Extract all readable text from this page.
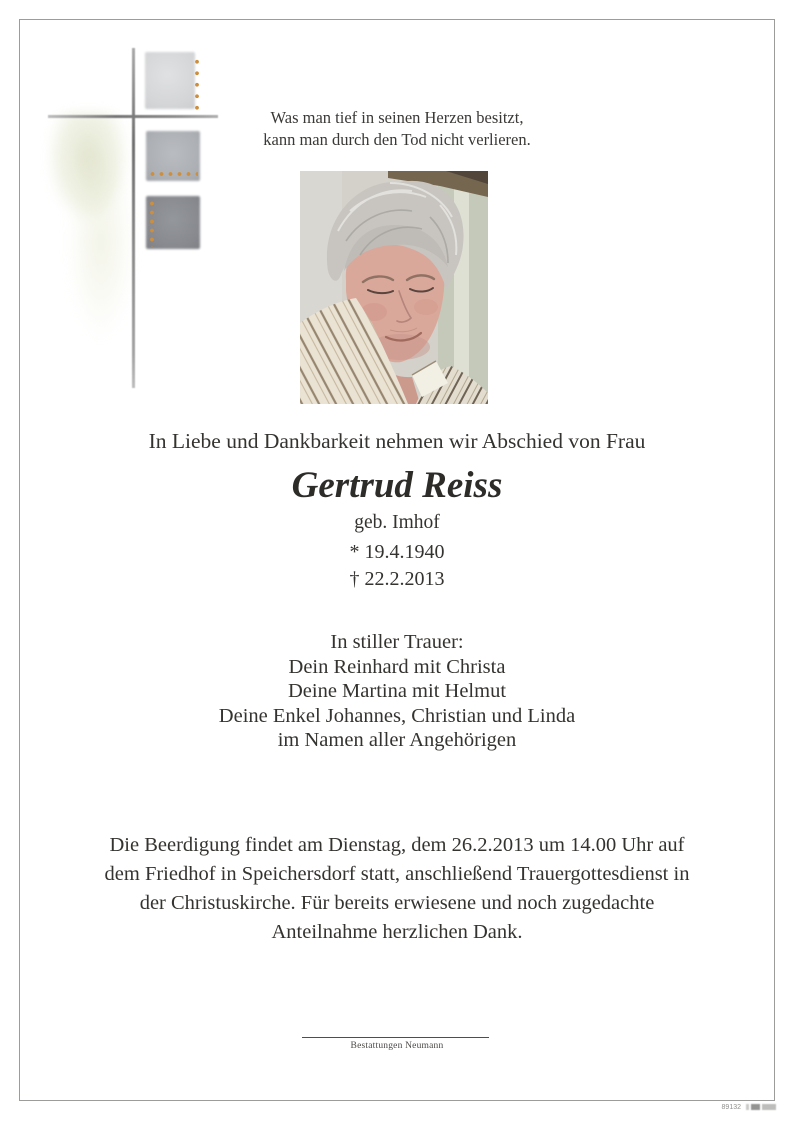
Was man tief in seinen Herzen besitzt,
kann man durch den Tod nicht verlieren.
In Liebe und Dankbarkeit nehmen wir Abschied von Frau
Gertrud Reiss
geb. Imhof
* 19.4.1940
† 22.2.2013
In stiller Trauer:
Dein Reinhard mit Christa
Deine Martina mit Helmut
Deine Enkel Johannes, Christian und Linda
im Namen aller Angehörigen
Die Beerdigung findet am Dienstag, dem 26.2.2013 um 14.00 Uhr auf
dem Friedhof in Speichersdorf statt, anschließend Trauergottesdienst in
der Christuskirche. Für bereits erwiesene und noch zugedachte
Anteilnahme herzlichen Dank.
Bestattungen Neumann
89132
